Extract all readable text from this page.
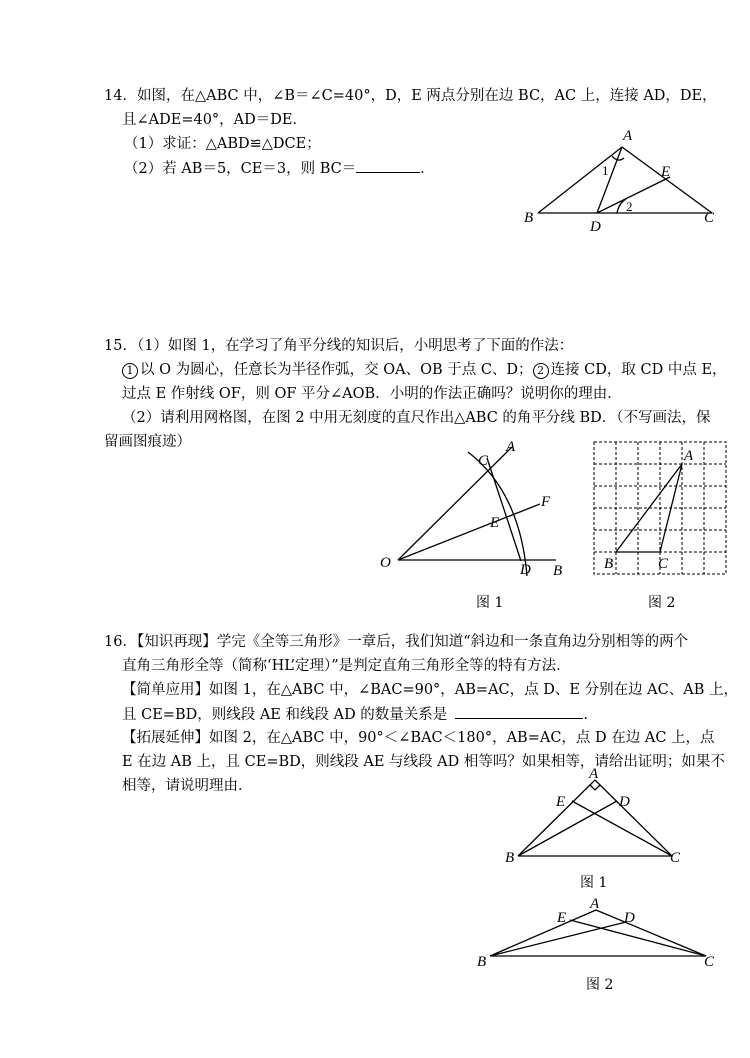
14．如图，在△ABC 中，∠B＝∠C=40°，D，E 两点分别在边 BC，AC 上，连接 AD，DE，
且∠ADE=40°，AD＝DE．
（1）求证：△ABD≌△DCE；
（2）若 AB＝5，CE＝3，则 BC＝	．
A
B	C
D
E
1
2
15．（1）如图 1，在学习了角平分线的知识后，小明思考了下面的作法：
1 以 O 为圆心，任意长为半径作弧，交 OA、OB 于点 C、D； 2 连接 CD，取 CD 中点 E，
过点 E 作射线 OF，则 OF 平分∠AOB．小明的作法正确吗？说明你的理由．
（2）请利用网格图，在图 2 中用无刻度的直尺作出△ABC 的角平分线 BD．（不写画法，保
留画图痕迹）
O
A
C
F
E
D B
图 1
A
B	C
图 2
16．【知识再现】学完《全等三角形》一章后，我们知道“斜边和一条直角边分别相等的两个
直角三角形全等（简称‘HL’定理）”是判定直角三角形全等的特有方法．
【简单应用】如图 1，在△ABC 中，∠BAC=90°，AB=AC，点 D、E 分别在边 AC、AB 上，
且 CE=BD，则线段 AE 和线段 AD 的数量关系是	．
【拓展延伸】如图 2，在△ABC 中，90°＜∠BAC＜180°，AB=AC，点 D 在边 AC 上，点
E 在边 AB 上，且 CE=BD，则线段 AE 与线段 AD 相等吗？如果相等，请给出证明；如果不
相等，请说明理由．
A
E	D
B	C
图 1
A
E	D
B	C
图 2
